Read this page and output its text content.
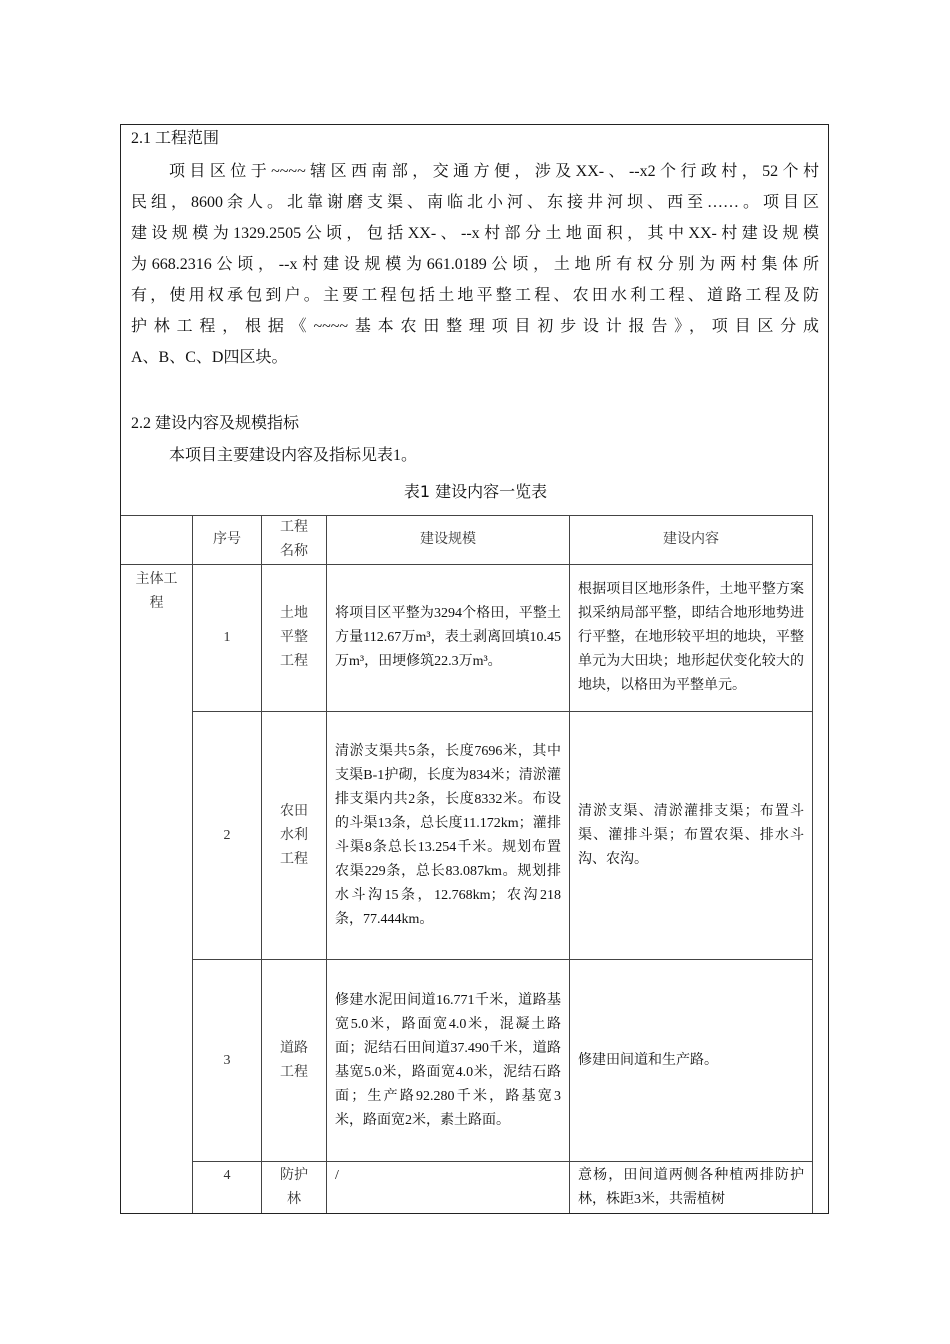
2.1 工程范围

项目区位于~~~~辖区西南部，交通方便，涉及XX-、--x2个行政村，52个村

民组，8600余人。北靠谢磨支渠、南临北小河、东接井河坝、西至……。项目区

建设规模为1329.2505公顷，包括XX-、--x村部分土地面积，其中XX-村建设规模

为668.2316公顷，--x村建设规模为661.0189公顷，土地所有权分别为两村集体所

有，使用权承包到户。主要工程包括土地平整工程、农田水利工程、道路工程及防

护林工程，根据《~~~~基本农田整理项目初步设计报告》，项目区分成

A、B、C、D四区块。

2.2 建设内容及规模指标

本项目主要建设内容及指标见表1。

表1 建设内容一览表
	序号	工程名称	建设规模	建设内容
主体工程	1	土地平整工程	将项目区平整为3294个格田，平整土方量112.67万m³，表土剥离回填10.45万m³，田埂修筑22.3万m³。	根据项目区地形条件，土地平整方案拟采纳局部平整，即结合地形地势进行平整，在地形较平坦的地块，平整单元为大田块；地形起伏变化较大的地块，以格田为平整单元。
	2	农田水利工程	清淤支渠共5条，长度7696米，其中支渠B-1护砌，长度为834米；清淤灌排支渠内共2条，长度8332米。布设的斗渠13条，总长度11.172km；灌排斗渠8条总长13.254千米。规划布置农渠229条，总长83.087km。规划排水斗沟15条，12.768km；农沟218条，77.444km。	清淤支渠、清淤灌排支渠；布置斗渠、灌排斗渠；布置农渠、排水斗沟、农沟。
	3	道路工程	修建水泥田间道16.771千米，道路基宽5.0米，路面宽4.0米，混凝土路面；泥结石田间道37.490千米，道路基宽5.0米，路面宽4.0米，泥结石路面；生产路92.280千米，路基宽3米，路面宽2米，素土路面。	修建田间道和生产路。
	4	防护林	/	意杨，田间道两侧各种植两排防护林，株距3米，共需植树
